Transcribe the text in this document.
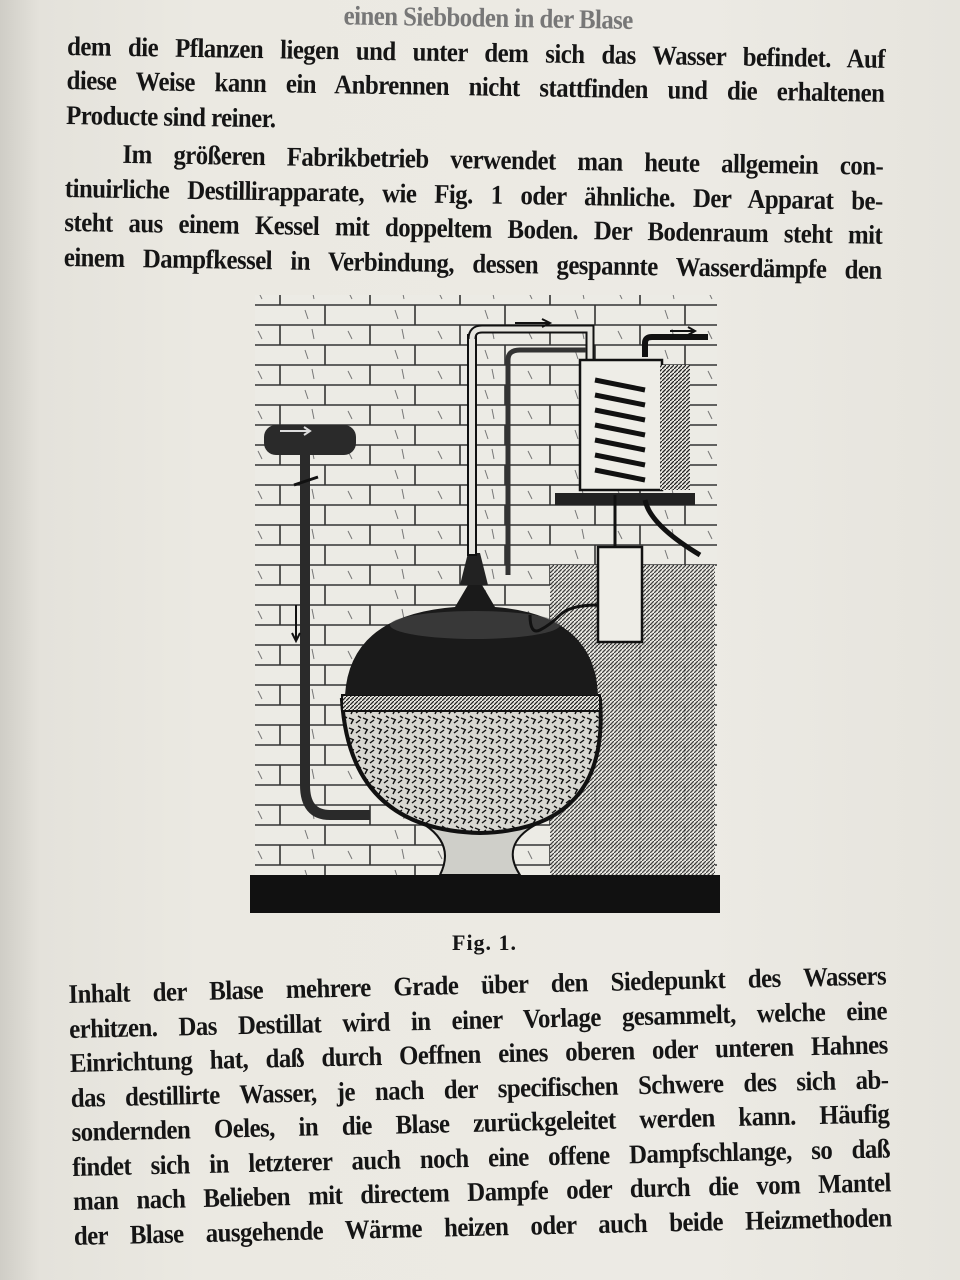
einen Siebboden in der Blase
dem die Pflanzen liegen und unter dem sich das Wasser befindet. Auf
diese Weise kann ein Anbrennen nicht stattfinden und die erhaltenen
Producte sind reiner.
Im größeren Fabrikbetrieb verwendet man heute allgemein con-
tinuirliche Destillirapparate, wie Fig. 1 oder ähnliche. Der Apparat be-
steht aus einem Kessel mit doppeltem Boden. Der Bodenraum steht mit
einem Dampfkessel in Verbindung, dessen gespannte Wasserdämpfe den
Fig. 1.
Inhalt der Blase mehrere Grade über den Siedepunkt des Wassers
erhitzen. Das Destillat wird in einer Vorlage gesammelt, welche eine
Einrichtung hat, daß durch Oeffnen eines oberen oder unteren Hahnes
das destillirte Wasser, je nach der specifischen Schwere des sich ab-
sondernden Oeles, in die Blase zurückgeleitet werden kann. Häufig
findet sich in letzterer auch noch eine offene Dampfschlange, so daß
man nach Belieben mit directem Dampfe oder durch die vom Mantel
der Blase ausgehende Wärme heizen oder auch beide Heizmethoden
